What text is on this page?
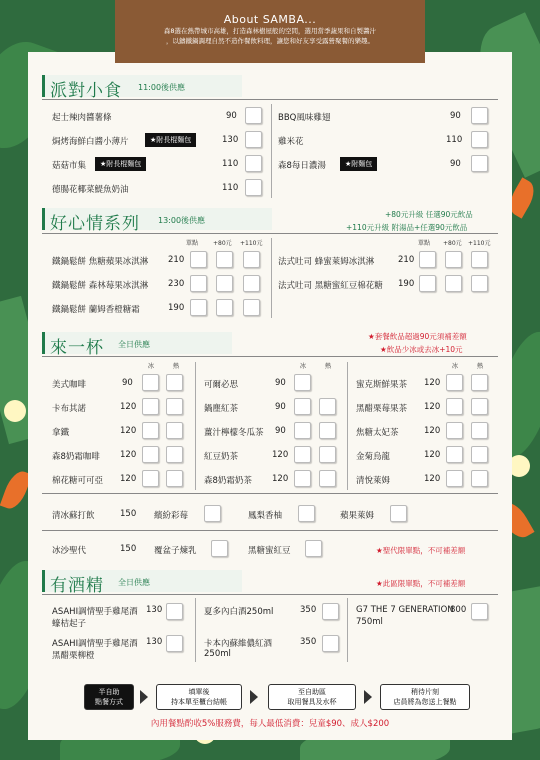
About SAMBA...
森8選在熱帶城市高雄，打造森林樹屋般的空間，選用當季蔬果和自製醬汁
，以鑄鐵鍋調理自然不造作餐飲料理，讓您和好友享受露營聚餐的樂趣。
派對小食 11:00後供應
起士辣肉醬薯條	90
焗烤海鮮白醬小薄片	★附長棍麵包	130
菇菇市集	★附長棍麵包	110
德腸花椰菜鯷魚奶油	110
BBQ風味雞翅	90
雞米花	110
森8每日濃湯	★附麵包	90
好心情系列 13:00後供應
+80元升級 任選90元飲品
+110元升級 附湯品+任選90元飲品
單點 +80元 +110元	單點 +80元 +110元
鐵鍋鬆餅 焦糖蘋果冰淇淋 210
鐵鍋鬆餅 森林莓果冰淇淋 230
鐵鍋鬆餅 蘭姆香橙糖霜	190
法式吐司 蜂蜜萊姆冰淇淋	210
法式吐司 黑糖蜜紅豆棉花糖 190
來一杯 全日供應
★套餐飲品超過90元須補差額
★飲品少冰或去冰+10元
冰	熱	冰	熱	冰	熱
美式咖啡	90
卡布其諾	120
拿鐵	120
森8奶霜咖啡 120
棉花糖可可亞 120
可爾必思	90
鍋塵紅茶	90
薑汁檸檬冬瓜茶 90
紅豆奶茶	120
森8奶霜奶茶 120
蜜克斯鮮果茶 120
黑醋栗莓果茶 120
焦糖太妃茶	120
金菊烏龍	120
清悅萊姆	120
清冰蘇打飲	150 繽紛彩莓	鳳梨香柚	蘋果萊姆
冰沙聖代	150 覆盆子煉乳	黑糖蜜紅豆	★聖代限單點，不可補差額
有酒精 全日供應	★此區限單點，不可補差額
ASAHI調情聖手雞尾酒 130
蠔桔起子
ASAHI調情聖手雞尾酒 130
黑醋栗柳橙
夏多內白酒250ml	350
卡本內蘇維儂紅酒	350
250ml
G7 THE 7 GENERATION
800
750ml
半自助
點餐方式
填單後
持本單至櫃台結帳
至自助區
取用餐具及水杯
稍待片刻
店員將為您送上餐點
內用餐點酌收5%服務費，每人最低消費：兒童$90、成人$200
